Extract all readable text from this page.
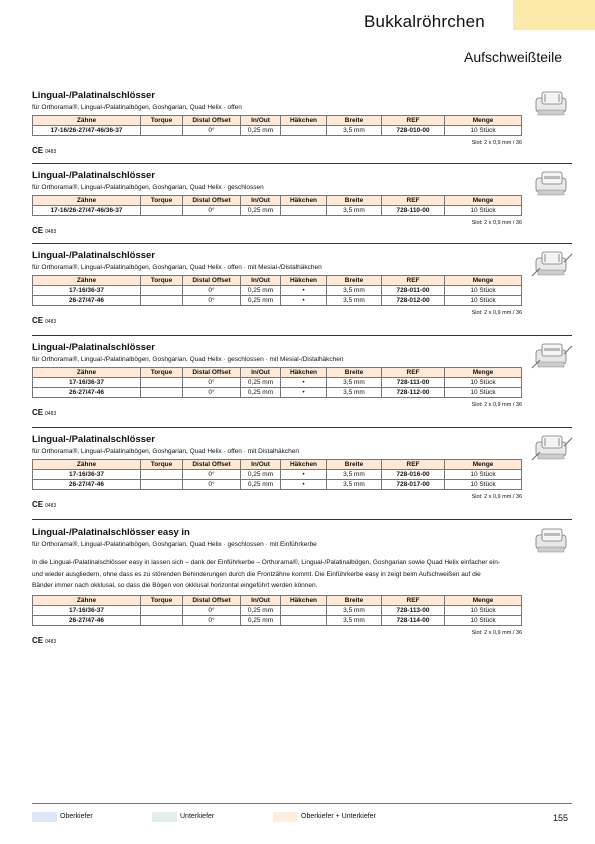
Bukkalröhrchen
Aufschweißteile
Lingual-/Palatinalschlösser
für Orthorama®, Lingual-/Palatinalbögen, Goshgarian, Quad Helix · offen
Zähne	Torque	Distal Offset	In/Out	Häkchen	Breite	REF	Menge
17-16/26-27/47-46/36-37		0°	0,25 mm		3,5 mm	728-010-00	10 Stück
CE 0483
Slot: 2 x 0,9 mm / 36
Lingual-/Palatinalschlösser
für Orthorama®, Lingual-/Palatinalbögen, Goshgarian, Quad Helix · geschlossen
Zähne	Torque	Distal Offset	In/Out	Häkchen	Breite	REF	Menge
17-16/26-27/47-46/36-37		0°	0,25 mm		3,5 mm	728-110-00	10 Stück
CE 0483
Slot: 2 x 0,9 mm / 36
Lingual-/Palatinalschlösser
für Orthorama®, Lingual-/Palatinalbögen, Goshgarian, Quad Helix · offen · mit Mesial-/Distalhäkchen
Zähne	Torque	Distal Offset	In/Out	Häkchen	Breite	REF	Menge
17-16/36-37		0°	0,25 mm	•	3,5 mm	728-011-00	10 Stück
26-27/47-46		0°	0,25 mm	•	3,5 mm	728-012-00	10 Stück
CE 0483
Slot: 2 x 0,9 mm / 36
Lingual-/Palatinalschlösser
für Orthorama®, Lingual-/Palatinalbögen, Goshgarian, Quad Helix · geschlossen · mit Mesial-/Distalhäkchen
Zähne	Torque	Distal Offset	In/Out	Häkchen	Breite	REF	Menge
17-16/36-37		0°	0,25 mm	•	3,5 mm	728-111-00	10 Stück
26-27/47-46		0°	0,25 mm	•	3,5 mm	728-112-00	10 Stück
CE 0483
Slot: 2 x 0,9 mm / 36
Lingual-/Palatinalschlösser
für Orthorama®, Lingual-/Palatinalbögen, Goshgarian, Quad Helix · offen · mit Distalhäkchen
Zähne	Torque	Distal Offset	In/Out	Häkchen	Breite	REF	Menge
17-16/36-37		0°	0,25 mm	•	3,5 mm	728-016-00	10 Stück
26-27/47-46		0°	0,25 mm	•	3,5 mm	728-017-00	10 Stück
CE 0483
Slot: 2 x 0,9 mm / 36
Lingual-/Palatinalschlösser easy in
für Orthorama®, Lingual-/Palatinalbögen, Goshgarian, Quad Helix · geschlossen · mit Einführkerbe
In die Lingual-/Palatinalschlösser easy in lassen sich – dank der Einführkerbe – Orthorama®, Lingual-/Palatinalbögen, Goshgarian sowie Quad Helix einfacher ein- und wieder ausgliedern, ohne dass es zu störenden Behinderungen durch die Frontzähne kommt. Die Einführkerbe easy in zeigt beim Aufschweißen auf die Bänder immer nach okklusal, so dass die Bögen von okklusal horizontal eingeführt werden können.
Zähne	Torque	Distal Offset	In/Out	Häkchen	Breite	REF	Menge
17-16/36-37		0°	0,25 mm		3,5 mm	728-113-00	10 Stück
26-27/47-46		0°	0,25 mm		3,5 mm	728-114-00	10 Stück
CE 0483
Slot: 2 x 0,9 mm / 36
Oberkiefer	Unterkiefer	Oberkiefer + Unterkiefer	155
